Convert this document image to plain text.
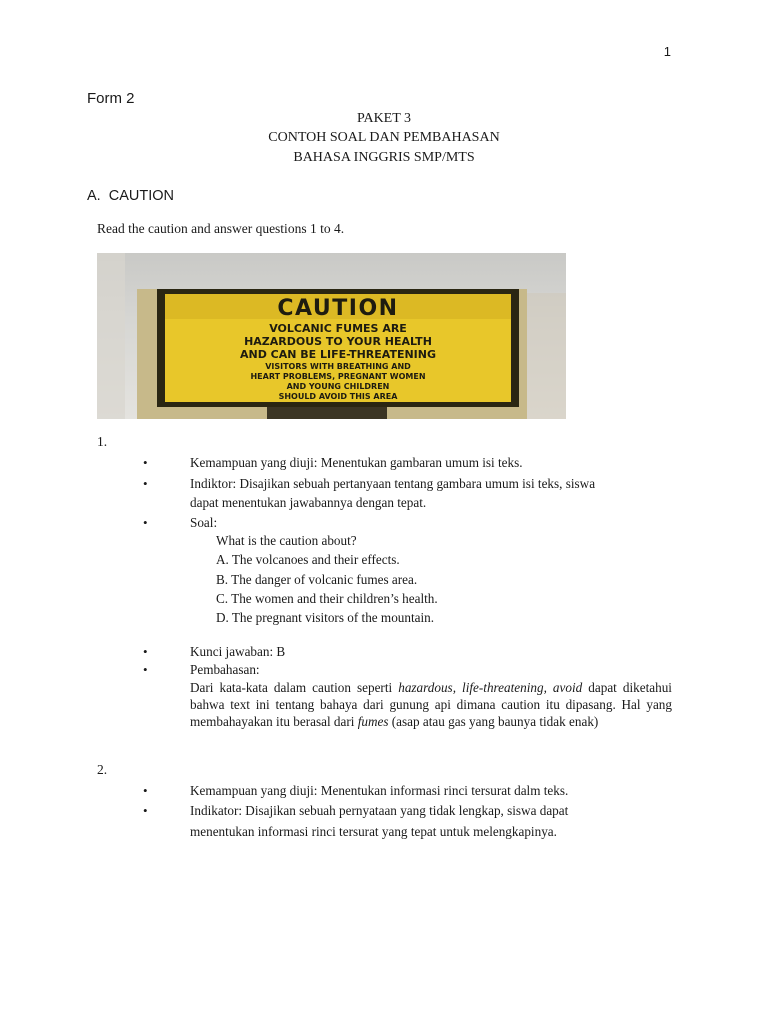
1
Form 2
PAKET 3
CONTOH SOAL DAN PEMBAHASAN
BAHASA INGGRIS SMP/MTS
A. CAUTION
Read the caution and answer questions 1 to 4.
CAUTION
VOLCANIC FUMES ARE
HAZARDOUS TO YOUR HEALTH
AND CAN BE LIFE-THREATENING
VISITORS WITH BREATHING AND
HEART PROBLEMS, PREGNANT WOMEN
AND YOUNG CHILDREN
SHOULD AVOID THIS AREA
1.
•	Kemampuan yang diuji: Menentukan gambaran umum isi teks.
•	Indiktor: Disajikan sebuah pertanyaan tentang gambara umum isi teks, siswa
dapat menentukan jawabannya dengan tepat.
•	Soal:
What is the caution about?
A. The volcanoes and their effects.
B. The danger of volcanic fumes area.
C. The women and their children’s health.
D. The pregnant visitors of the mountain.
•	Kunci jawaban: B
•	Pembahasan:
Dari kata-kata dalam caution seperti hazardous, life-threatening, avoid dapat diketahui bahwa text ini tentang bahaya dari gunung api dimana caution itu dipasang. Hal yang membahayakan itu berasal dari fumes (asap atau gas yang baunya tidak enak)
2.
•	Kemampuan yang diuji: Menentukan informasi rinci tersurat dalm teks.
•	Indikator: Disajikan sebuah pernyataan yang tidak lengkap, siswa dapat
menentukan informasi rinci tersurat yang tepat untuk melengkapinya.
